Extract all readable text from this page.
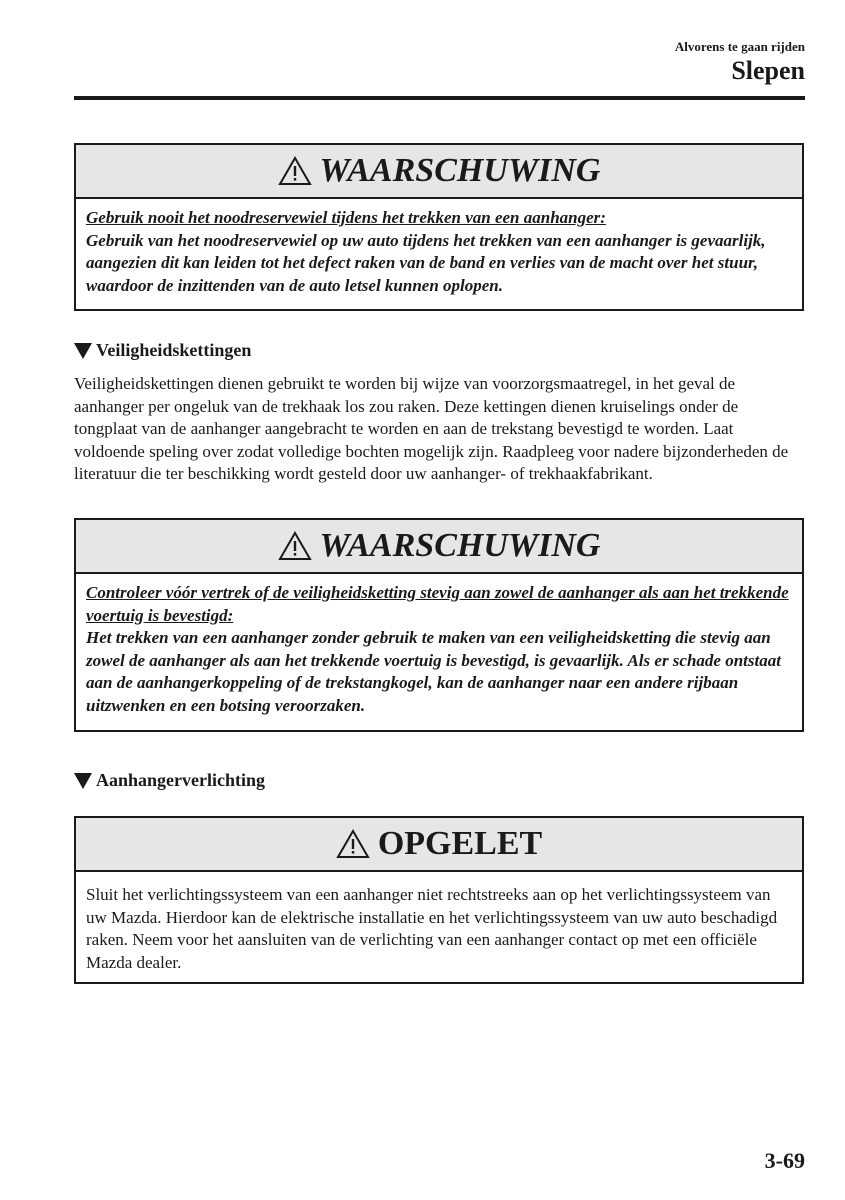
Alvorens te gaan rijden
Slepen
WAARSCHUWING
Gebruik nooit het noodreservewiel tijdens het trekken van een aanhanger:
Gebruik van het noodreservewiel op uw auto tijdens het trekken van een aanhanger is gevaarlijk, aangezien dit kan leiden tot het defect raken van de band en verlies van de macht over het stuur, waardoor de inzittenden van de auto letsel kunnen oplopen.
Veiligheidskettingen
Veiligheidskettingen dienen gebruikt te worden bij wijze van voorzorgsmaatregel, in het geval de aanhanger per ongeluk van de trekhaak los zou raken. Deze kettingen dienen kruiselings onder de tongplaat van de aanhanger aangebracht te worden en aan de trekstang bevestigd te worden. Laat voldoende speling over zodat volledige bochten mogelijk zijn. Raadpleeg voor nadere bijzonderheden de literatuur die ter beschikking wordt gesteld door uw aanhanger- of trekhaakfabrikant.
WAARSCHUWING
Controleer vóór vertrek of de veiligheidsketting stevig aan zowel de aanhanger als aan het trekkende voertuig is bevestigd:
Het trekken van een aanhanger zonder gebruik te maken van een veiligheidsketting die stevig aan zowel de aanhanger als aan het trekkende voertuig is bevestigd, is gevaarlijk. Als er schade ontstaat aan de aanhangerkoppeling of de trekstangkogel, kan de aanhanger naar een andere rijbaan uitzwenken en een botsing veroorzaken.
Aanhangerverlichting
OPGELET
Sluit het verlichtingssysteem van een aanhanger niet rechtstreeks aan op het verlichtingssysteem van uw Mazda. Hierdoor kan de elektrische installatie en het verlichtingssysteem van uw auto beschadigd raken. Neem voor het aansluiten van de verlichting van een aanhanger contact op met een officiële Mazda dealer.
3-69
